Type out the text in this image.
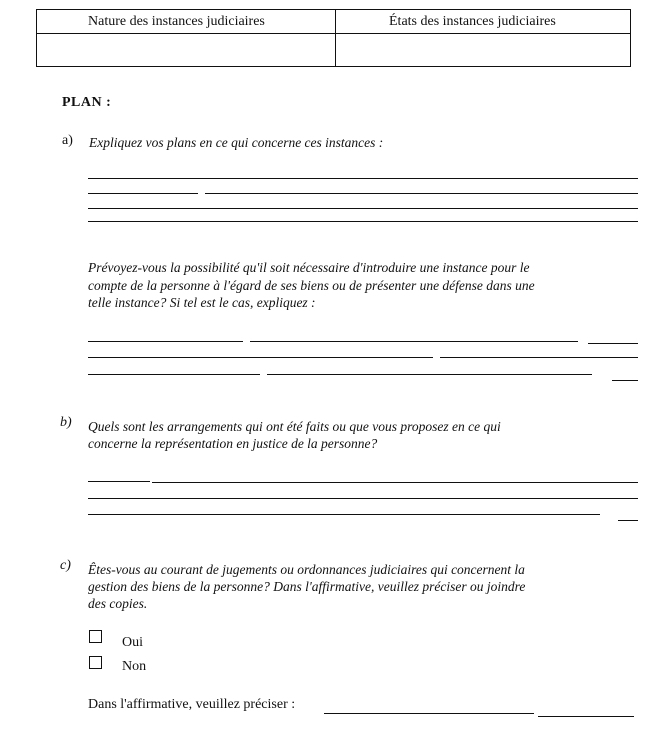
Nature des instances judiciaires	États des instances judiciaires
PLAN :
a) Expliquez vos plans en ce qui concerne ces instances :
Prévoyez-vous la possibilité qu'il soit nécessaire d'introduire une instance pour le
compte de la personne à l'égard de ses biens ou de présenter une défense dans une
telle instance? Si tel est le cas, expliquez :
b) Quels sont les arrangements qui ont été faits ou que vous proposez en ce qui
concerne la représentation en justice de la personne?
c) Êtes-vous au courant de jugements ou ordonnances judiciaires qui concernent la
gestion des biens de la personne? Dans l'affirmative, veuillez préciser ou joindre
des copies.
Oui
Non
Dans l'affirmative, veuillez préciser :
